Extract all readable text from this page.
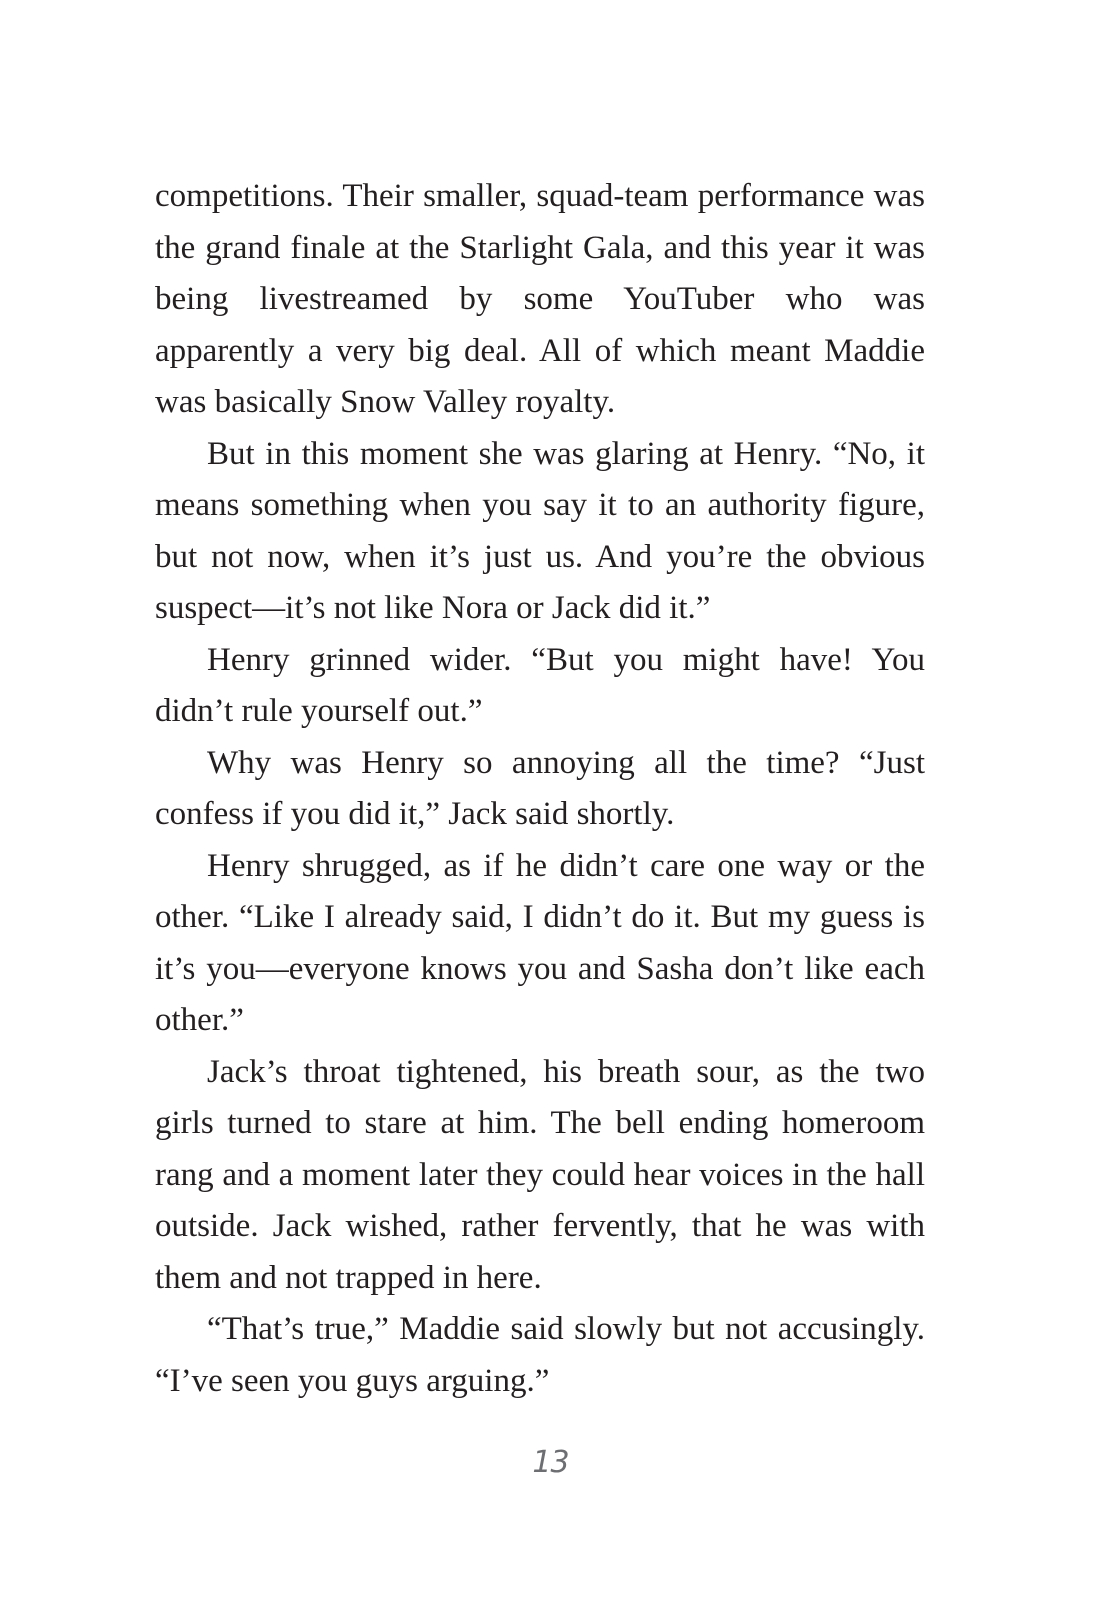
competitions. Their smaller, squad-team performance was the grand finale at the Starlight Gala, and this year it was being livestreamed by some YouTuber who was apparently a very big deal. All of which meant Maddie was basically Snow Valley royalty.

But in this moment she was glaring at Henry. “No, it means something when you say it to an authority figure, but not now, when it’s just us. And you’re the obvious suspect—it’s not like Nora or Jack did it.”

Henry grinned wider. “But you might have! You didn’t rule yourself out.”

Why was Henry so annoying all the time? “Just confess if you did it,” Jack said shortly.

Henry shrugged, as if he didn’t care one way or the other. “Like I already said, I didn’t do it. But my guess is it’s you—everyone knows you and Sasha don’t like each other.”

Jack’s throat tightened, his breath sour, as the two girls turned to stare at him. The bell ending homeroom rang and a moment later they could hear voices in the hall outside. Jack wished, rather fervently, that he was with them and not trapped in here.

“That’s true,” Maddie said slowly but not accusingly. “I’ve seen you guys arguing.”

13
